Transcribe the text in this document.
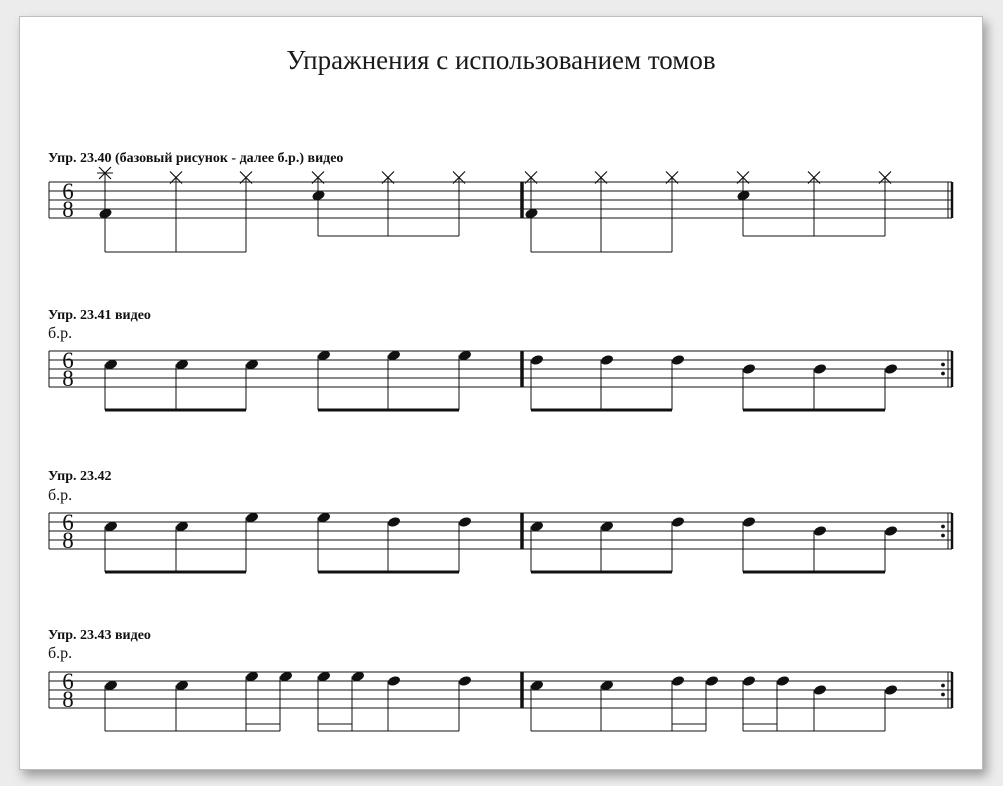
Упражнения с использованием томов
Упр. 23.40 (базовый рисунок - далее б.р.) видео
Упр. 23.41 видео
б.р.
Упр. 23.42
б.р.
Упр. 23.43 видео
б.р.
6
8
6
8
6
8
6
8
